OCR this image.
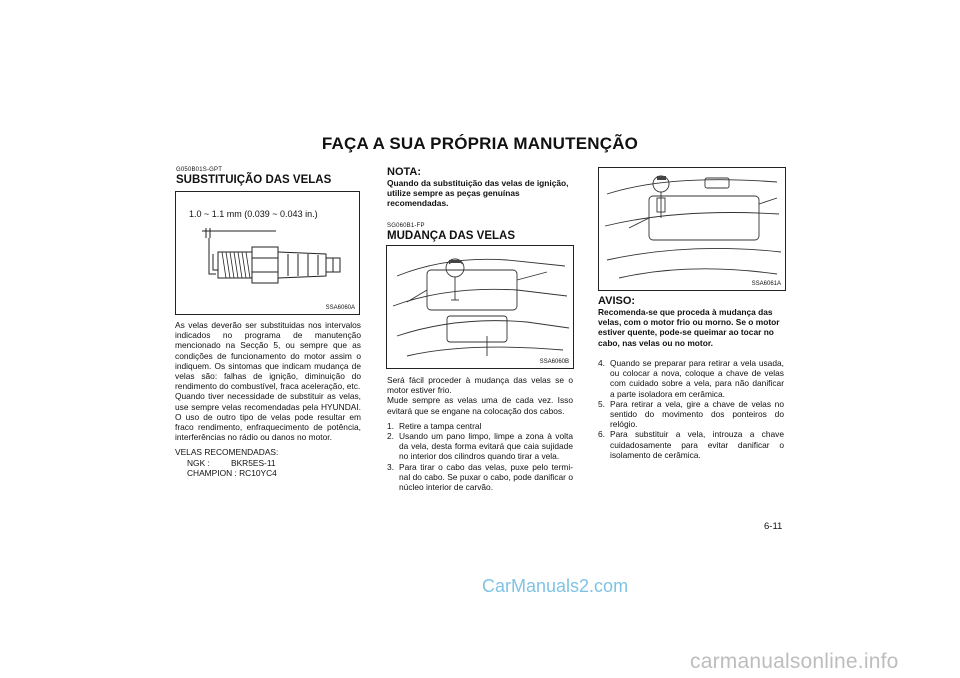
FAÇA A SUA PRÓPRIA MANUTENÇÃO
G050B01S-GPT
SUBSTITUIÇÃO DAS VELAS
1.0 ~ 1.1 mm (0.039 ~ 0.043 in.)
SSA6060A

As velas deverão ser substituidas nos intervalos indicados no programa de manutenção mencionado na Secção 5, ou sempre que as condições de funcionamento do motor assim o indiquem. Os sintomas que indicam mudança de velas são: falhas de ignição, diminuição do rendimento do combustível, fraca aceleração, etc.

Quando tiver necessidade de substituir as velas, use sempre velas recomendadas pela HYUNDAI. O uso de outro tipo de velas pode resultar em fraco rendimento, enfraquecimento de potência, interferências no rádio ou danos no motor.

VELAS RECOMENDADAS:

NGK :	BKR5ES-11

CHAMPION : RC10YC4

NOTA:
Quando da substituição das velas de ignição, utilize sempre as peças genuínas recomendadas.
SG060B1-FP
MUDANÇA DAS VELAS
SSA6060B

Será fácil proceder à mudança das velas se o motor estiver frio.

Mude sempre as velas uma de cada vez. Isso evitará que se engane na colocação dos cabos.

1. Retire a tampa central
2. Usando um pano limpo, limpe a zona à volta da vela, desta forma evitará que caia sujidade no interior dos cilindros quando tirar a vela.
3. Para tirar o cabo das velas, puxe pelo termi-nal do cabo. Se puxar o cabo, pode danificar o núcleo interior de carvão.
SSA6061A
AVISO:
Recomenda-se que proceda à mudança das velas, com o motor frio ou morno. Se o motor estiver quente, pode-se queimar ao tocar no cabo, nas velas ou no motor.
4. Quando se preparar para retirar a vela usada, ou colocar a nova, coloque a chave de velas com cuidado sobre a vela, para não danificar a parte isoladora em cerâmica.
5. Para retirar a vela, gire a chave de velas no sentido do movimento dos ponteiros do relógio.
6. Para substituir a vela, introuza a chave cuidadosamente para evitar danificar o isolamento de cerâmica.
6-11
CarManuals2.com
carmanualsonline.info
